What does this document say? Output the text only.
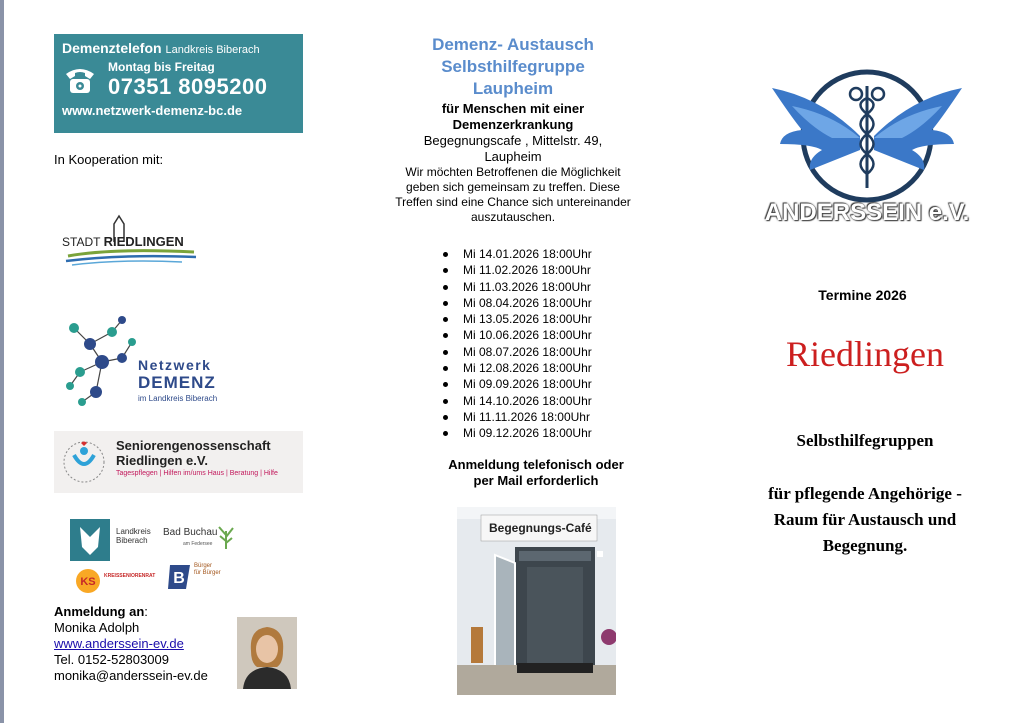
Demenztelefon Landkreis Biberach
Montag bis Freitag
07351 8095200
www.netzwerk-demenz-bc.de
In Kooperation mit:
STADT RIEDLINGEN
Netzwerk
DEMENZ
im Landkreis Biberach
Seniorengenossenschaft
Riedlingen e.V.
Tagespflegen | Hilfen im/ums Haus | Beratung | Hilfe
Landkreis
Biberach
Bad Buchau
am Federsee
KS KREISSENIORENRAT B
Bürger
für Bürger
Anmeldung an:
Monika Adolph
www.anderssein-ev.de
Tel. 0152-52803009
monika@anderssein-ev.de
Demenz- Austausch
Selbsthilfegruppe
Laupheim
für Menschen mit einer
Demenzerkrankung
Begegnungscafe , Mittelstr. 49,
Laupheim
Wir möchten Betroffenen die Möglichkeit geben sich gemeinsam zu treffen. Diese Treffen sind eine Chance sich untereinander auszutauschen.
Mi 14.01.2026 18:00Uhr
Mi 11.02.2026 18:00Uhr
Mi 11.03.2026 18:00Uhr
Mi 08.04.2026 18:00Uhr
Mi 13.05.2026 18:00Uhr
Mi 10.06.2026 18:00Uhr
Mi 08.07.2026 18:00Uhr
Mi 12.08.2026 18:00Uhr
Mi 09.09.2026 18:00Uhr
Mi 14.10.2026 18:00Uhr
Mi 11.11.2026 18:00Uhr
Mi 09.12.2026 18:00Uhr
Anmeldung telefonisch oder
per Mail erforderlich
Begegnungs-Café
ANDERSSEIN e.V.
Termine 2026
Riedlingen
Selbsthilfegruppen
für pflegende Angehörige -
Raum für Austausch und
Begegnung.
